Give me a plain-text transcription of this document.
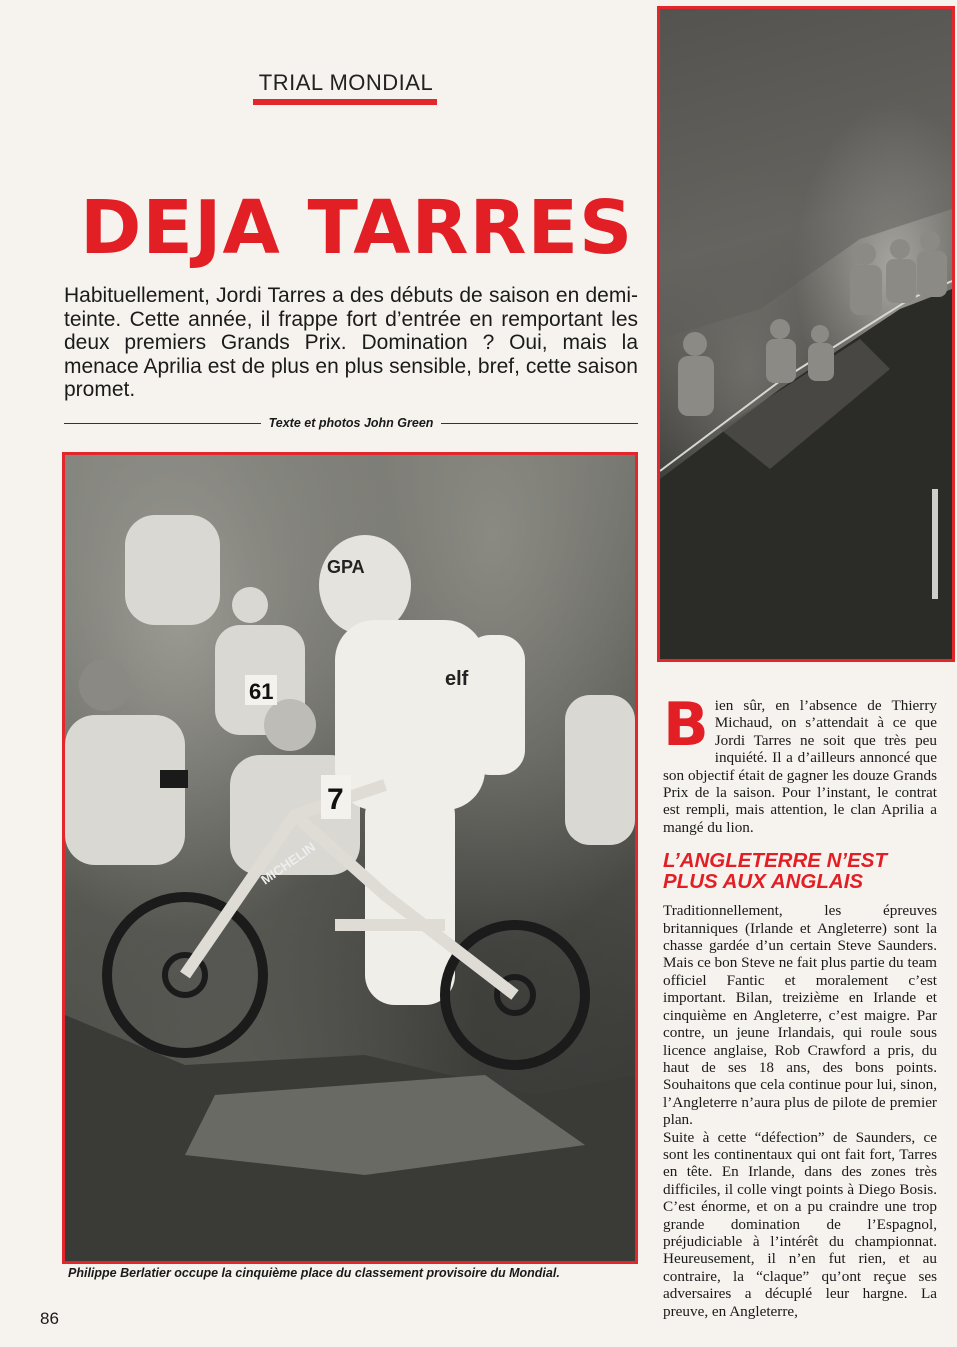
TRIAL MONDIAL
DEJA TARRES
Habituellement, Jordi Tarres a des débuts de saison en demi-teinte. Cette année, il frappe fort d’entrée en remportant les deux premiers Grands Prix. Domination ? Oui, mais la menace Aprilia est de plus en plus sensible, bref, cette saison promet.
Texte et photos John Green
61
GPA
elf
7
MICHELIN
Philippe Berlatier occupe la cinquième place du classement provisoire du Mondial.
86

Bien sûr, en l’absence de Thierry Michaud, on s’attendait à ce que Jordi Tarres ne soit que très peu inquiété. Il a d’ailleurs annoncé que son objectif était de gagner les douze Grands Prix de la saison. Pour l’instant, le contrat est rempli, mais attention, le clan Aprilia a mangé du lion.

L’ANGLETERRE N’EST
PLUS AUX ANGLAIS

Traditionnellement, les épreuves britanniques (Irlande et Angleterre) sont la chasse gardée d’un certain Steve Saunders. Mais ce bon Steve ne fait plus partie du team officiel Fantic et moralement c’est important. Bilan, treizième en Irlande et cinquième en Angleterre, c’est maigre. Par contre, un jeune Irlandais, qui roule sous licence anglaise, Rob Crawford a pris, du haut de ses 18 ans, des bons points. Souhaitons que cela continue pour lui, sinon, l’Angleterre n’aura plus de pilote de premier plan.

Suite à cette “défection” de Saunders, ce sont les continentaux qui ont fait fort, Tarres en tête. En Irlande, dans des zones très difficiles, il colle vingt points à Diego Bosis. C’est énorme, et on a pu craindre une trop grande domination de l’Espagnol, préjudiciable à l’intérêt du championnat. Heureusement, il n’en fut rien, et au contraire, la “claque” qu’ont reçue ses adversaires a décuplé leur hargne. La preuve, en Angleterre,
